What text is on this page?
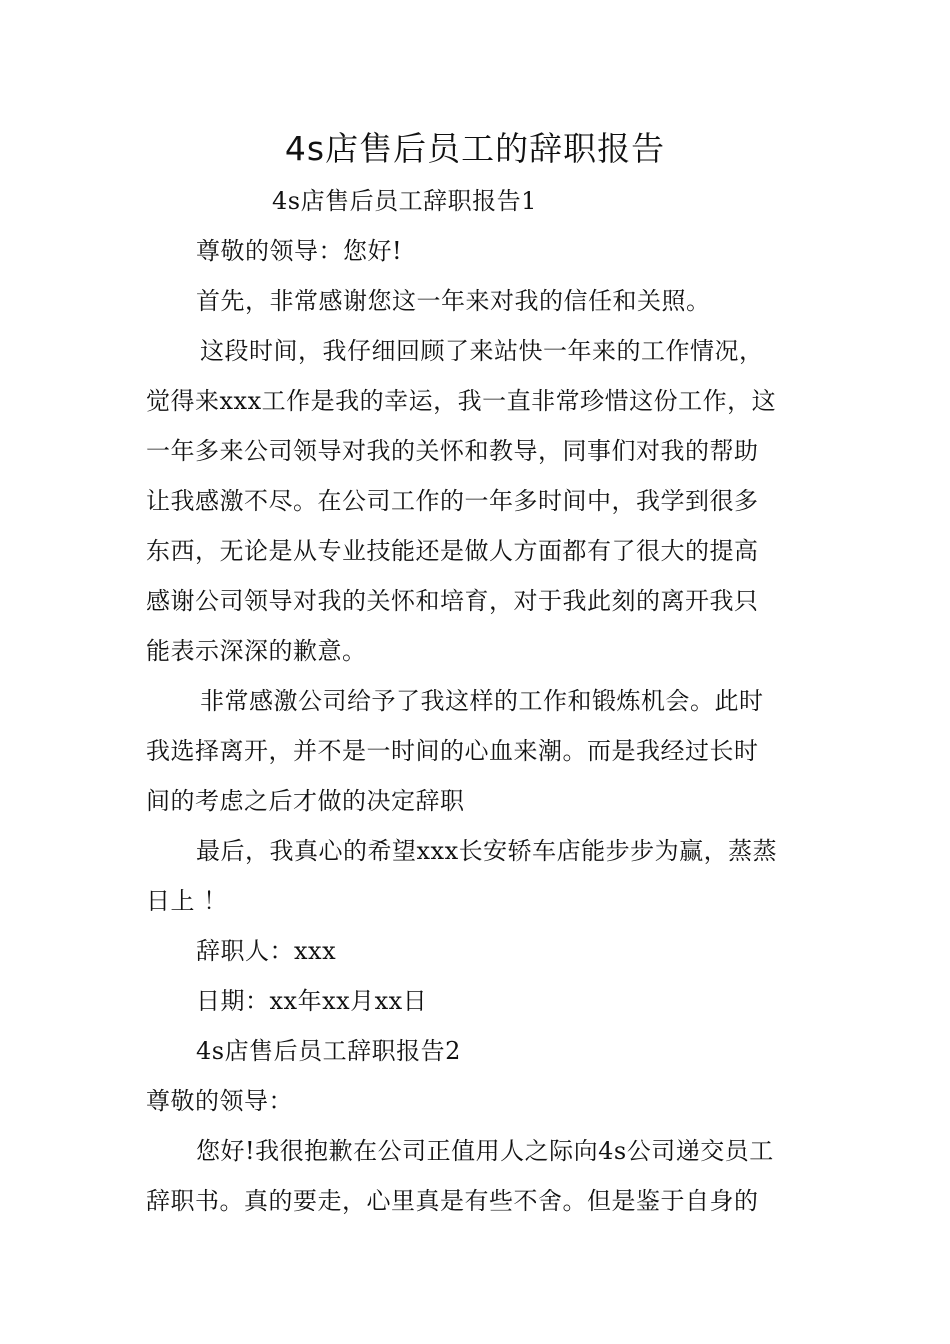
4s店售后员工的辞职报告
4s店售后员工辞职报告1
尊敬的领导：您好!
首先，非常感谢您这一年来对我的信任和关照。
这段时间，我仔细回顾了来站快一年来的工作情况，
觉得来xxx工作是我的幸运，我一直非常珍惜这份工作，这
一年多来公司领导对我的关怀和教导，同事们对我的帮助
让我感激不尽。在公司工作的一年多时间中，我学到很多
东西，无论是从专业技能还是做人方面都有了很大的提高
感谢公司领导对我的关怀和培育，对于我此刻的离开我只
能表示深深的歉意。
非常感激公司给予了我这样的工作和锻炼机会。此时
我选择离开，并不是一时间的心血来潮。而是我经过长时
间的考虑之后才做的决定辞职
最后，我真心的希望xxx长安轿车店能步步为赢，蒸蒸
日上 ！
辞职人：xxx
日期：xx年xx月xx日
4s店售后员工辞职报告2
尊敬的领导：
您好!我很抱歉在公司正值用人之际向4s公司递交员工
辞职书。真的要走，心里真是有些不舍。但是鉴于自身的
